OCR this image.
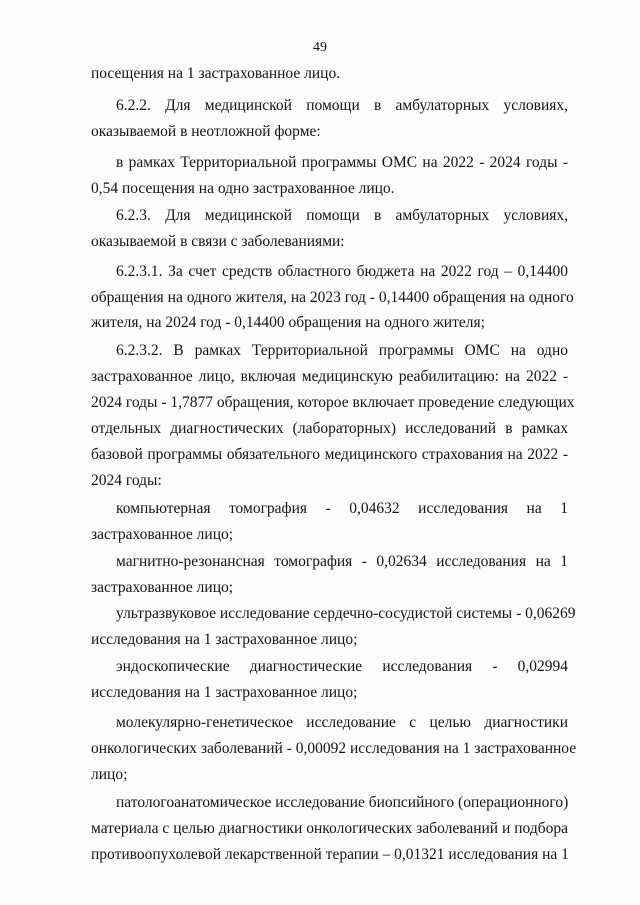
49
посещения на 1 застрахованное лицо.
6.2.2. Для медицинской помощи в амбулаторных условиях,
оказываемой в неотложной форме:
в рамках Территориальной программы ОМС на 2022 - 2024 годы -
0,54 посещения на одно застрахованное лицо.
6.2.3. Для медицинской помощи в амбулаторных условиях,
оказываемой в связи с заболеваниями:
6.2.3.1. За счет средств областного бюджета на 2022 год – 0,14400
обращения на одного жителя, на 2023 год - 0,14400 обращения на одного
жителя, на 2024 год - 0,14400 обращения на одного жителя;
6.2.3.2. В рамках Территориальной программы ОМС на одно
застрахованное лицо, включая медицинскую реабилитацию: на 2022 -
2024 годы - 1,7877 обращения, которое включает проведение следующих
отдельных диагностических (лабораторных) исследований в рамках
базовой программы обязательного медицинского страхования на 2022 -
2024 годы:
компьютерная томография - 0,04632 исследования на 1
застрахованное лицо;
магнитно-резонансная томография - 0,02634 исследования на 1
застрахованное лицо;
ультразвуковое исследование сердечно-сосудистой системы - 0,06269
исследования на 1 застрахованное лицо;
эндоскопические диагностические исследования - 0,02994
исследования на 1 застрахованное лицо;
молекулярно-генетическое исследование с целью диагностики
онкологических заболеваний - 0,00092 исследования на 1 застрахованное
лицо;
патологоанатомическое исследование биопсийного (операционного)
материала с целью диагностики онкологических заболеваний и подбора
противоопухолевой лекарственной терапии – 0,01321 исследования на 1
